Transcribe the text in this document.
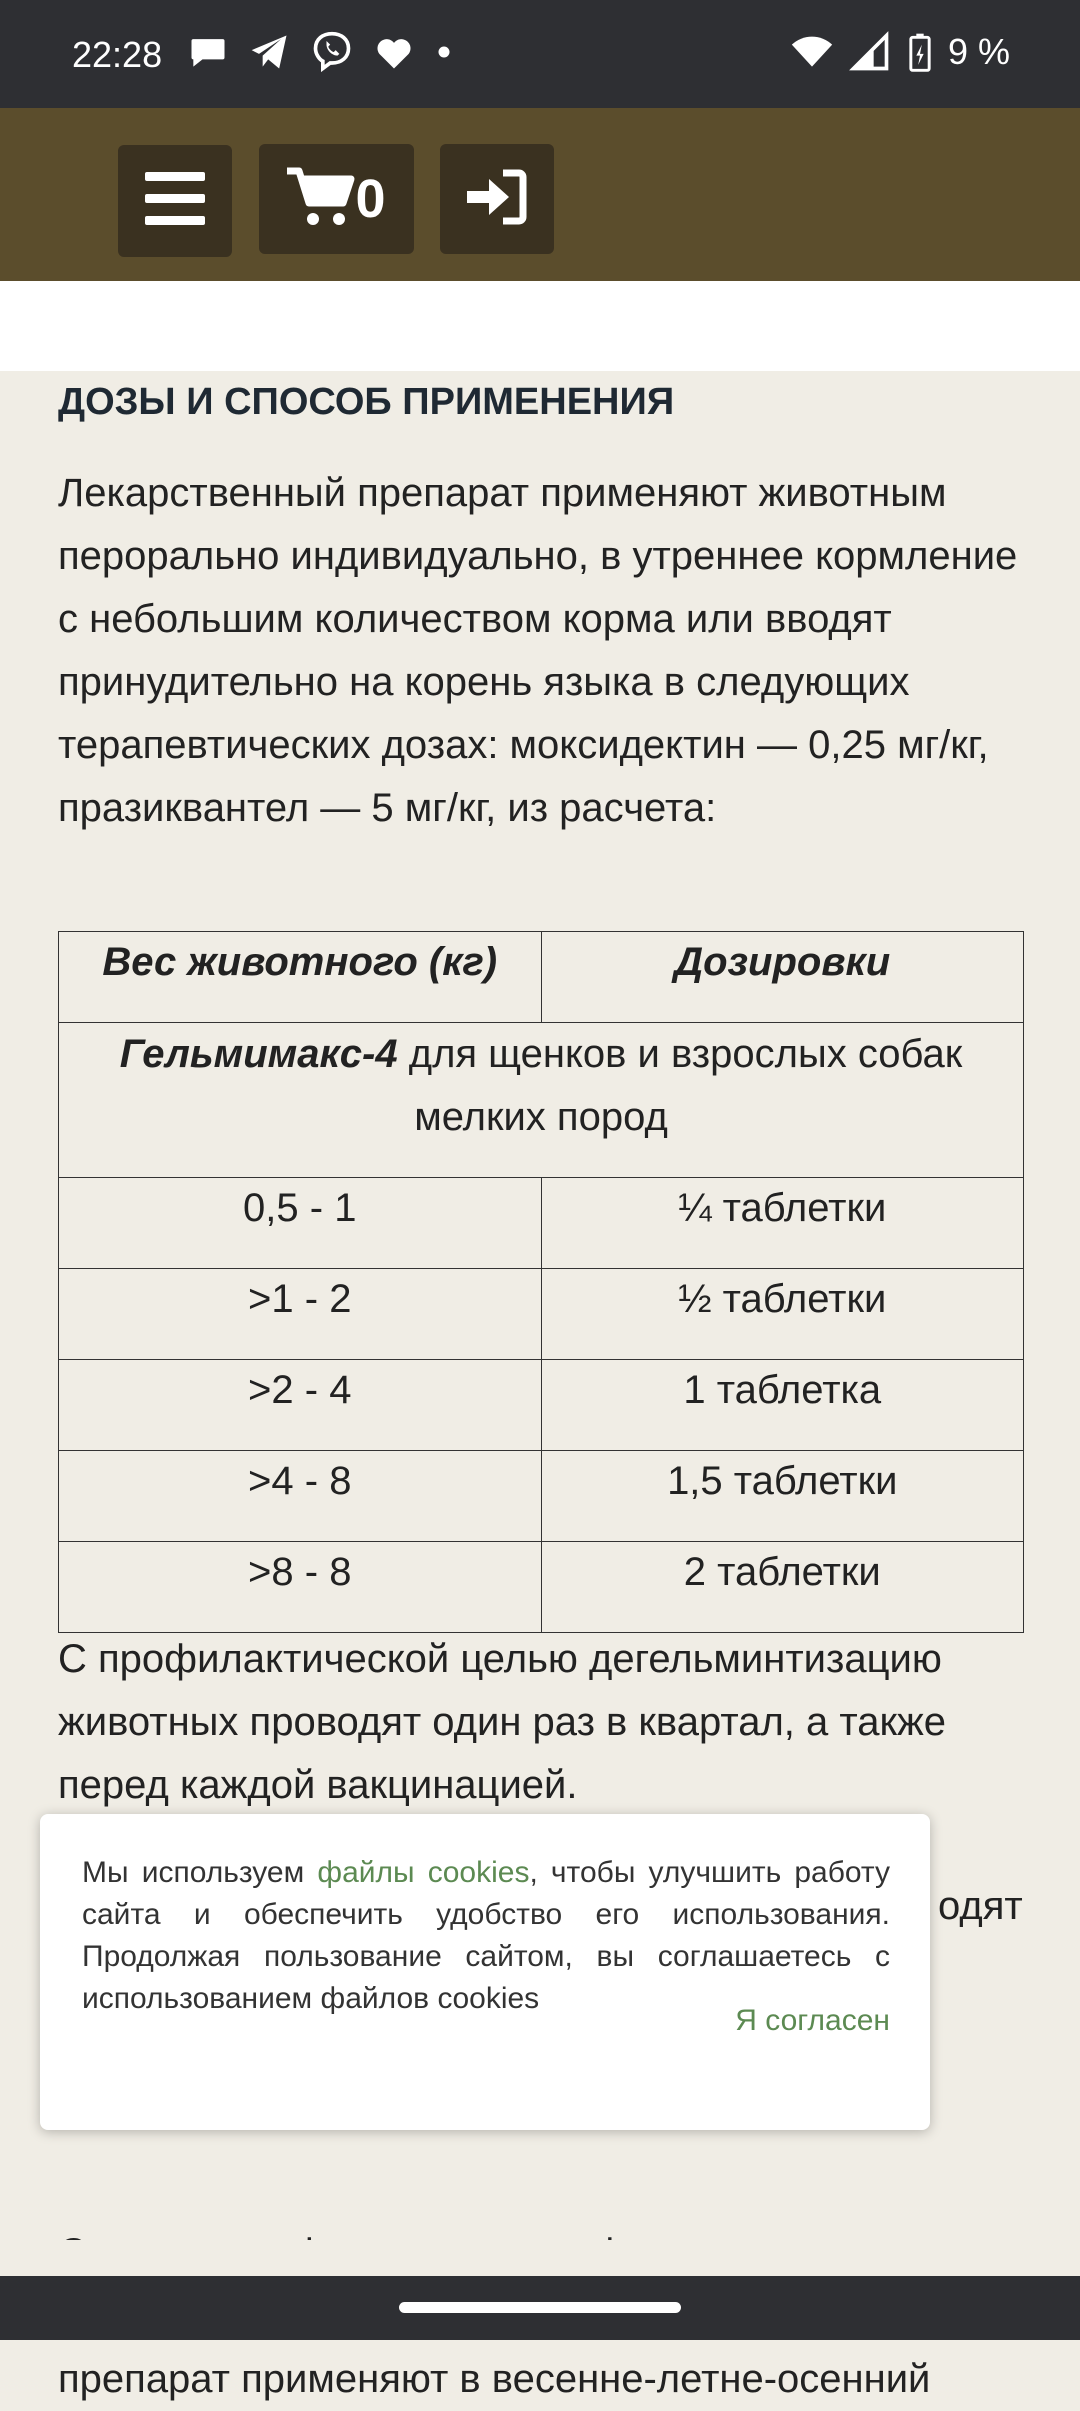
22:28	9 %
0
ДОЗЫ И СПОСОБ ПРИМЕНЕНИЯ

Лекарственный препарат применяют животным перорально индивидуально, в утреннее кормление с небольшим количеством корма или вводят принудительно на корень языка в следующих терапевтических дозах: моксидектин — 0,25 мг/кг, празиквантел — 5 мг/кг, из расчета:

Вес животного (кг)	Дозировки
Гельмимакс-4 для щенков и взрослых собак мелких пород	
0,5 - 1	¼ таблетки
>1 - 2	½ таблетки
>2 - 4	1 таблетка
>4 - 8	1,5 таблетки
>8 - 8	2 таблетки

С профилактической целью дегельминтизацию животных проводят один раз в квартал, а также перед каждой вакцинацией.

одят

препарат применяют в весенне-летне-осенний

Мы используем файлы cookies, чтобы улучшить работу сайта и обеспечить удобство его использования. Продолжая пользование сайтом, вы соглашаетесь с использованием файлов cookies

Я согласен
